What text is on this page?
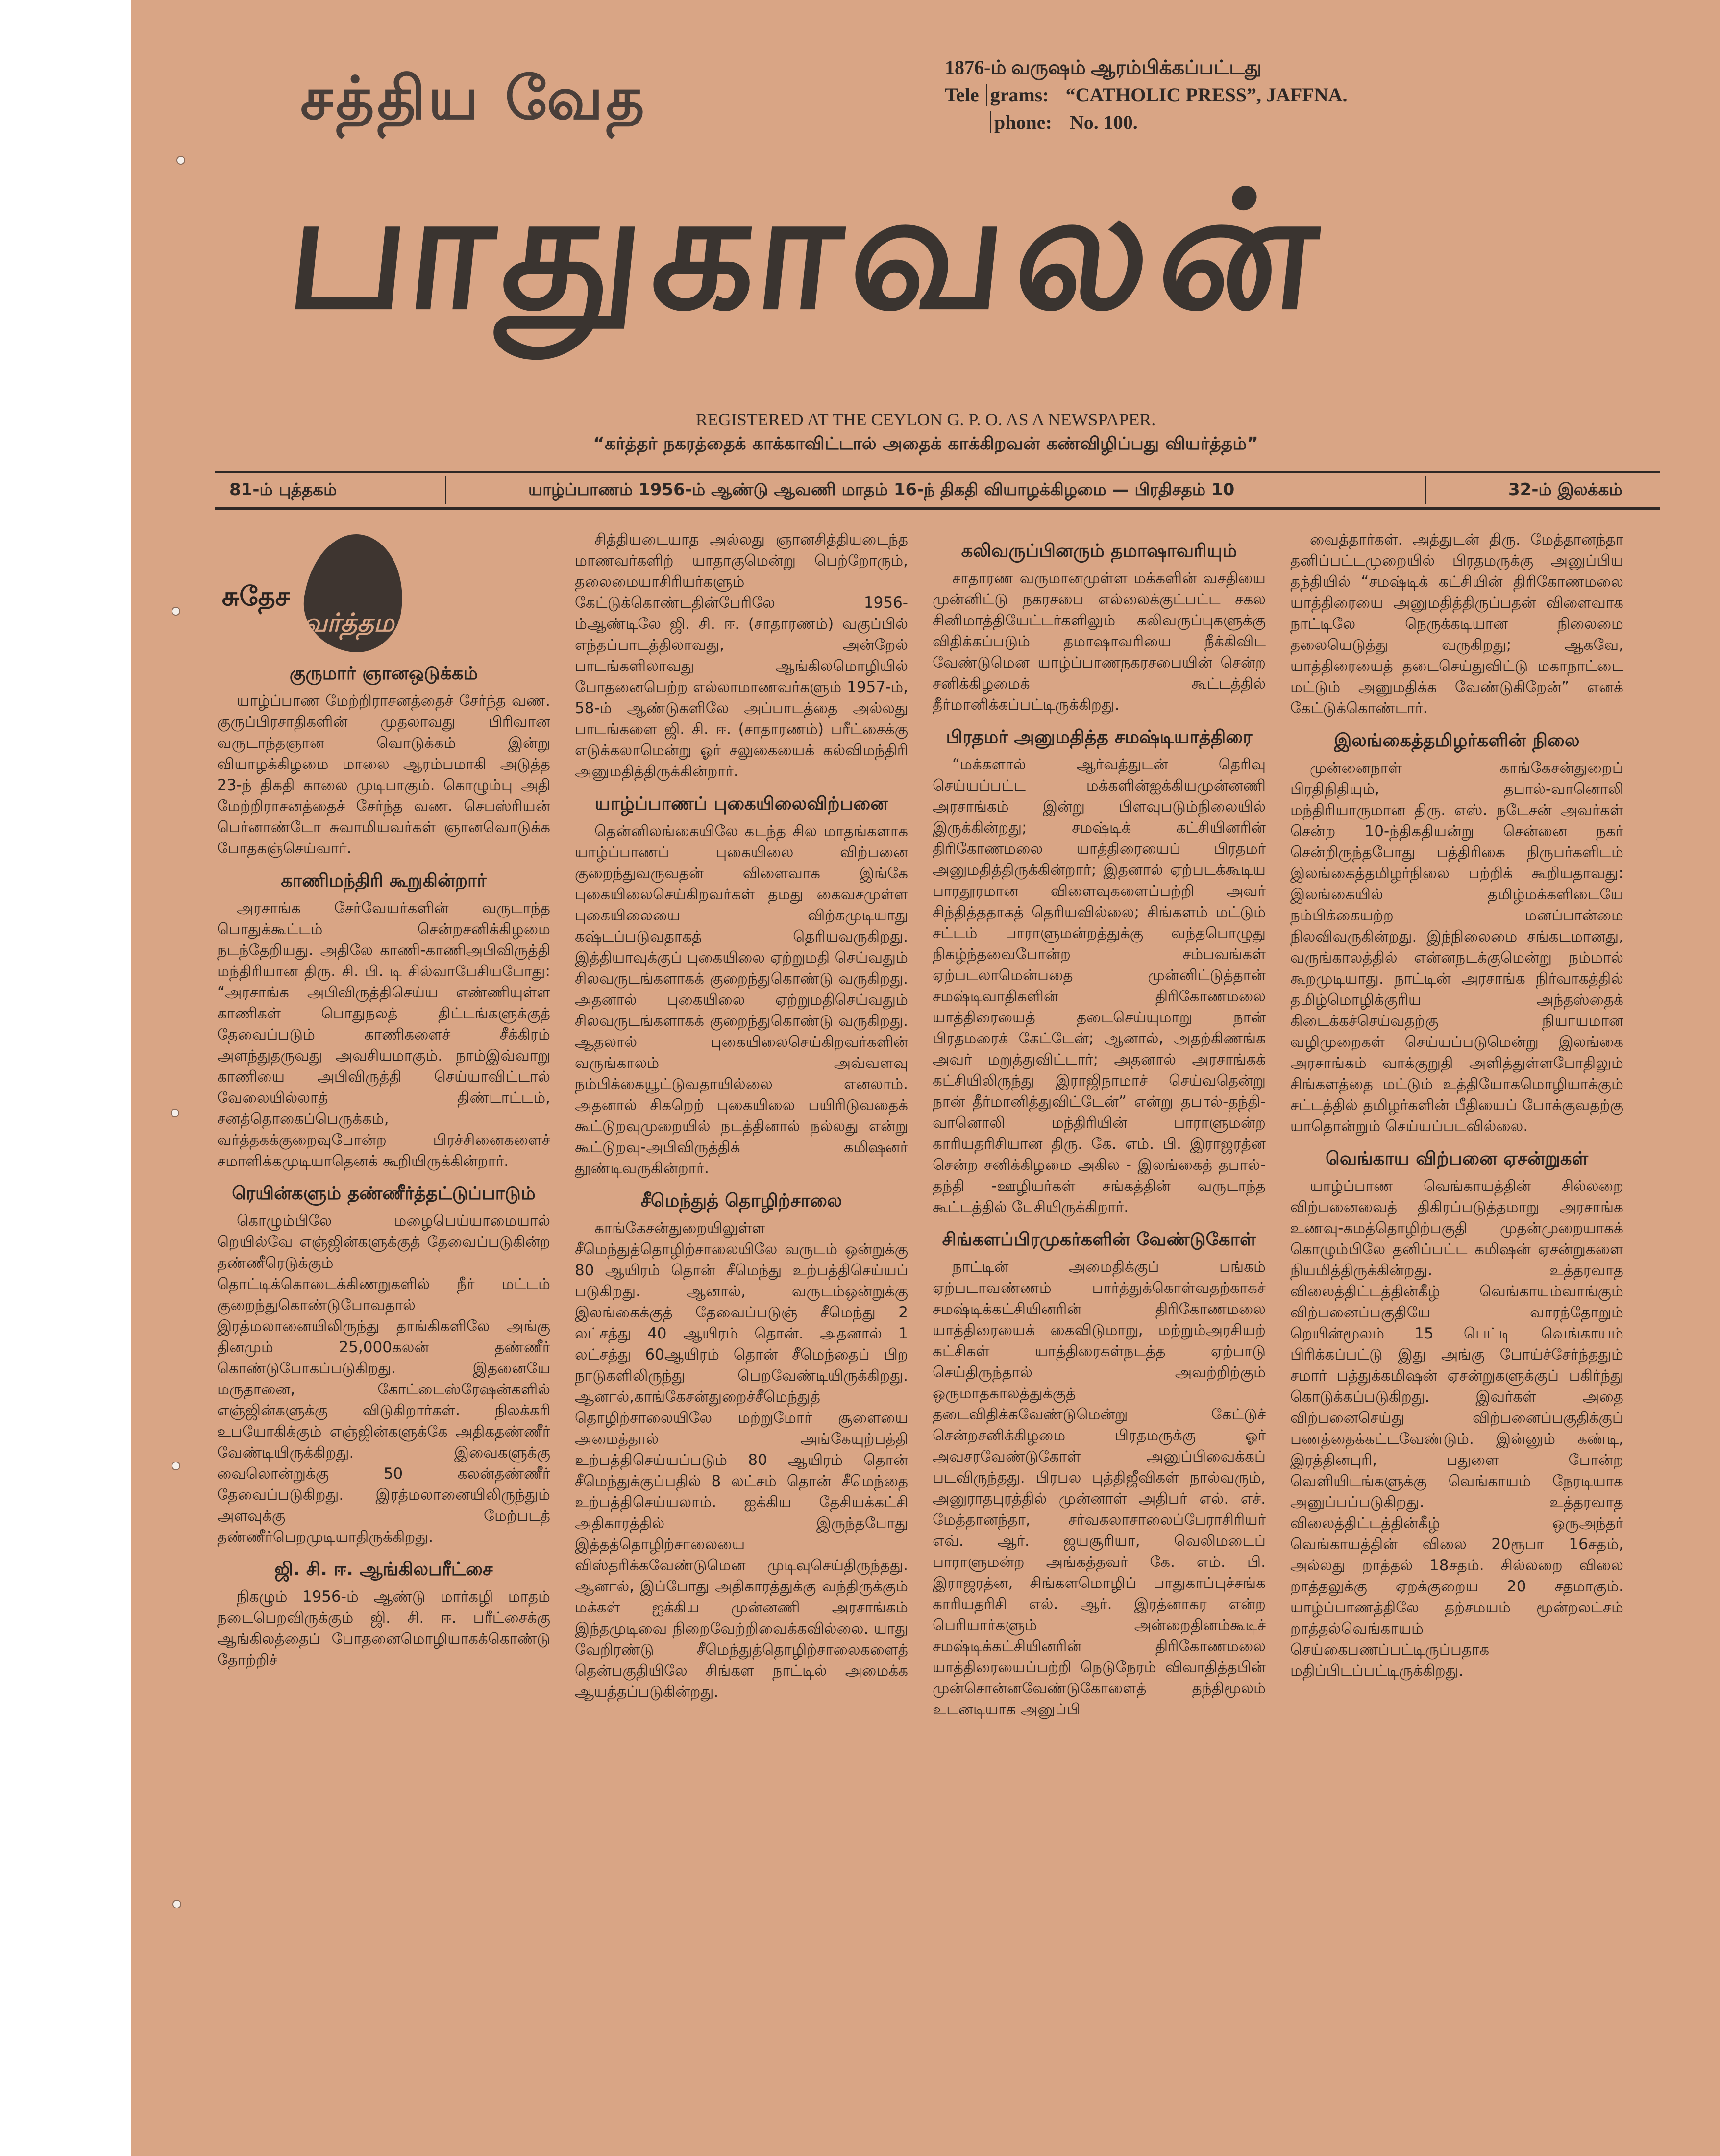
சத்திய வேத
பாதுகாவலன்
1876-ம் வருஷம் ஆரம்பிக்கப்பட்டது
Tele grams: “CATHOLIC PRESS”, JAFFNA.
phone: No. 100.
REGISTERED AT THE CEYLON G. P. O. AS A NEWSPAPER.
“கர்த்தர் நகரத்தைக் காக்காவிட்டால் அதைக் காக்கிறவன் கண்விழிப்பது வியர்த்தம்”
81-ம் புத்தகம்	யாழ்ப்பாணம் 1956-ம் ஆண்டு ஆவணி மாதம் 16-ந் திகதி வியாழக்கிழமை — பிரதிசதம் 10	32-ம் இலக்கம்
சுதேச
வர்த்தமானம்
குருமார் ஞானஒடுக்கம்

யாழ்ப்பாண மேற்றிராசனத்தைச் சேர்ந்த வண. குருப்பிரசாதிகளின் முதலாவது பிரிவான வருடாந்தஞான வொடுக்கம் இன்று வியாழக்கிழமை மாலை ஆரம்பமாகி அடுத்த 23-ந் திகதி காலை முடிபாகும். கொழும்பு அதி மேற்றிராசனத்தைச் சேர்ந்த வண. செபஸ்ரியன் பெர்னாண்டோ சுவாமியவர்கள் ஞானவொடுக்க போதகஞ்செய்வார்.

காணிமந்திரி கூறுகின்றார்

அரசாங்க சேர்வேயர்களின் வருடாந்த பொதுக்கூட்டம் சென்றசனிக்கிழமை நடந்தேறியது. அதிலே காணி-காணிஅபிவிருத்தி மந்திரியான திரு. சி. பி. டி சில்வாபேசியபோது: “அரசாங்க அபிவிருத்திசெய்ய எண்ணியுள்ள காணிகள் பொதுநலத் திட்டங்களுக்குத் தேவைப்படும் காணிகளைச் சீக்கிரம் அளந்துதருவது அவசியமாகும். நாம்இவ்வாறு காணியை அபிவிருத்தி செய்யாவிட்டால் வேலையில்லாத் திண்டாட்டம், சனத்தொகைப்பெருக்கம், வர்த்தகக்குறைவுபோன்ற பிரச்சினைகளைச் சமாளிக்கமுடியாதெனக் கூறியிருக்கின்றார்.

ரெயின்களும் தண்ணீர்த்தட்டுப்பாடும்

கொழும்பிலே மழைபெய்யாமையால் றெயில்வே எஞ்ஜின்களுக்குத் தேவைப்படுகின்ற தண்ணீரெடுக்கும் தொட்டிக்கொடைக்கிணறுகளில் நீர் மட்டம் குறைந்துகொண்டுபோவதால் இரத்மலானையிலிருந்து தாங்கிகளிலே அங்கு தினமும் 25,000கலன் தண்ணீர் கொண்டுபோகப்படுகிறது. இதனையே மருதானை, கோட்டைஸ்ரேஷன்களில் எஞ்ஜின்களுக்கு விடுகிறார்கள். நிலக்கரி உபயோகிக்கும் எஞ்ஜின்களுக்கே அதிகதண்ணீர் வேண்டியிருக்கிறது. இவைகளுக்கு வைலொன்றுக்கு 50 கலன்தண்ணீர் தேவைப்படுகிறது. இரத்மலானையிலிருந்தும் அளவுக்கு மேற்படத் தண்ணீர்பெறமுடியாதிருக்கிறது.

ஜி. சி. ஈ. ஆங்கிலபரீட்சை

நிகழும் 1956-ம் ஆண்டு மார்கழி மாதம் நடைபெறவிருக்கும் ஜி. சி. ஈ. பரீட்சைக்கு ஆங்கிலத்தைப் போதனைமொழியாகக்கொண்டு தோற்றிச்

சித்தியடையாத அல்லது ஞானசித்தியடைந்த மாணவர்களிற் யாதாகுமென்று பெற்றோரும், தலைமையாசிரியர்களும் கேட்டுக்கொண்டதின்பேரிலே 1956-ம்ஆண்டிலே ஜி. சி. ஈ. (சாதாரணம்) வகுப்பில் எந்தப்பாடத்திலாவது, அன்றேல் பாடங்களிலாவது ஆங்கிலமொழியில் போதனைபெற்ற எல்லாமாணவர்களும் 1957-ம், 58-ம் ஆண்டுகளிலே அப்பாடத்தை அல்லது பாடங்களை ஜி. சி. ஈ. (சாதாரணம்) பரீட்சைக்கு எடுக்கலாமென்று ஓர் சலுகையைக் கல்விமந்திரி அனுமதித்திருக்கின்றார்.

யாழ்ப்பாணப் புகையிலைவிற்பனை

தென்னிலங்கையிலே கடந்த சில மாதங்களாக யாழ்ப்பாணப் புகையிலை விற்பனை குறைந்துவருவதன் விளைவாக இங்கே புகையிலைசெய்கிறவர்கள் தமது கைவசமுள்ள புகையிலையை விற்கமுடியாது கஷ்டப்படுவதாகத் தெரியவருகிறது. இத்தியாவுக்குப் புகையிலை ஏற்றுமதி செய்வதும் சிலவருடங்களாகக் குறைந்துகொண்டு வருகிறது. அதனால் புகையிலை ஏற்றுமதிசெய்வதும் சிலவருடங்களாகக் குறைந்துகொண்டு வருகிறது. ஆதலால் புகையிலைசெய்கிறவர்களின் வருங்காலம் அவ்வளவு நம்பிக்கையூட்டுவதாயில்லை எனலாம். அதனால் சிகறெற் புகையிலை பயிரிடுவதைக் கூட்டுறவுமுறையில் நடத்தினால் நல்லது என்று கூட்டுறவு-அபிவிருத்திக் கமிஷனர் தூண்டிவருகின்றார்.

சீமெந்துத் தொழிற்சாலை

காங்கேசன்துறையிலுள்ள சீமெந்துத்தொழிற்சாலையிலே வருடம் ஒன்றுக்கு 80 ஆயிரம் தொன் சீமெந்து உற்பத்திசெய்யப் படுகிறது. ஆனால், வருடம்ஒன்றுக்கு இலங்கைக்குத் தேவைப்படுஞ் சீமெந்து 2 லட்சத்து 40 ஆயிரம் தொன். அதனால் 1 லட்சத்து 60ஆயிரம் தொன் சீமெந்தைப் பிற நாடுகளிலிருந்து பெறவேண்டியிருக்கிறது. ஆனால்,காங்கேசன்துறைச்சீமெந்துத் தொழிற்சாலையிலே மற்றுமோர் சூளையை அமைத்தால் அங்கேயுற்பத்தி உற்பத்திசெய்யப்படும் 80 ஆயிரம் தொன் சீமெந்துக்குப்பதில் 8 லட்சம் தொன் சீமெந்தை உற்பத்திசெய்யலாம். ஐக்கிய தேசியக்கட்சி அதிகாரத்தில் இருந்தபோது இத்தத்தொழிற்சாலையை விஸ்தரிக்கவேண்டுமென முடிவுசெய்திருந்தது. ஆனால், இப்போது அதிகாரத்துக்கு வந்திருக்கும் மக்கள் ஐக்கிய முன்னணி அரசாங்கம் இந்தமுடிவை நிறைவேற்றிவைக்கவில்லை. யாது வேறிரண்டு சீமெந்துத்தொழிற்சாலைகளைத் தென்பகுதியிலே சிங்கள நாட்டில் அமைக்க ஆயத்தப்படுகின்றது.

கலிவருப்பினரும் தமாஷாவரியும்

சாதாரண வருமானமுள்ள மக்களின் வசதியை முன்னிட்டு நகரசபை எல்லைக்குட்பட்ட சகல சினிமாத்தியேட்டர்களிலும் கலிவருப்புகளுக்கு விதிக்கப்படும் தமாஷாவரியை நீக்கிவிட வேண்டுமென யாழ்ப்பாணநகரசபையின் சென்ற சனிக்கிழமைக் கூட்டத்தில் தீர்மானிக்கப்பட்டிருக்கிறது.

பிரதமர் அனுமதித்த சமஷ்டியாத்திரை

“மக்களால் ஆர்வத்துடன் தெரிவு செய்யப்பட்ட மக்களின்ஐக்கியமுன்னணி அரசாங்கம் இன்று பிளவுபடும்நிலையில் இருக்கின்றது; சமஷ்டிக் கட்சியினரின் திரிகோணமலை யாத்திரையைப் பிரதமர் அனுமதித்திருக்கின்றார்; இதனால் ஏற்படக்கூடிய பாரதூரமான விளைவுகளைப்பற்றி அவர் சிந்தித்ததாகத் தெரியவில்லை; சிங்களம் மட்டும் சட்டம் பாராளுமன்றத்துக்கு வந்தபொழுது நிகழ்ந்தவைபோன்ற சம்பவங்கள் ஏற்படலாமென்பதை முன்னிட்டுத்தான் சமஷ்டிவாதிகளின் திரிகோணமலை யாத்திரையைத் தடைசெய்யுமாறு நான் பிரதமரைக் கேட்டேன்; ஆனால், அதற்கிணங்க அவர் மறுத்துவிட்டார்; அதனால் அரசாங்கக் கட்சியிலிருந்து இராஜிநாமாச் செய்வதென்று நான் தீர்மானித்துவிட்டேன்” என்று தபால்-தந்தி-வானொலி மந்திரியின் பாராளுமன்ற காரியதரிசியான திரு. கே. எம். பி. இராஜரத்ன சென்ற சனிக்கிழமை அகில - இலங்கைத் தபால்- தந்தி -ஊழியர்கள் சங்கத்தின் வருடாந்த கூட்டத்தில் பேசியிருக்கிறார்.

சிங்களப்பிரமுகர்களின் வேண்டுகோள்

நாட்டின் அமைதிக்குப் பங்கம் ஏற்படாவண்ணம் பார்த்துக்கொள்வதற்காகச் சமஷ்டிக்கட்சியினரின் திரிகோணமலை யாத்திரையைக் கைவிடுமாறு, மற்றும்அரசியற் கட்சிகள் யாத்திரைகள்நடத்த ஏற்பாடு செய்திருந்தால் அவற்றிற்கும் ஒருமாதகாலத்துக்குத் தடைவிதிக்கவேண்டுமென்று கேட்டுச் சென்றசனிக்கிழமை பிரதமருக்கு ஓர் அவசரவேண்டுகோள் அனுப்பிவைக்கப் படவிருந்தது. பிரபல புத்திஜீவிகள் நால்வரும், அனுராதபுரத்தில் முன்னாள் அதிபர் எல். எச். மேத்தானந்தா, சர்வகலாசாலைப்பேராசிரியர் எவ். ஆர். ஜயசூரியா, வெலிமடைப் பாராளுமன்ற அங்கத்தவர் கே. எம். பி. இராஜரத்ன, சிங்களமொழிப் பாதுகாப்புச்சங்க காரியதரிசி எல். ஆர். இரத்னாகர என்ற பெரியார்களும் அன்றைதினம்கூடிச் சமஷ்டிக்கட்சியினரின் திரிகோணமலை யாத்திரையைப்பற்றி நெடுநேரம் விவாதித்தபின் முன்சொன்னவேண்டுகோளைத் தந்திமூலம் உடனடியாக அனுப்பி

வைத்தார்கள். அத்துடன் திரு. மேத்தானந்தா தனிப்பட்டமுறையில் பிரதமருக்கு அனுப்பிய தந்தியில் “சமஷ்டிக் கட்சியின் திரிகோணமலை யாத்திரையை அனுமதித்திருப்பதன் விளைவாக நாட்டிலே நெருக்கடியான நிலைமை தலையெடுத்து வருகிறது; ஆகவே, யாத்திரையைத் தடைசெய்துவிட்டு மகாநாட்டை மட்டும் அனுமதிக்க வேண்டுகிறேன்” எனக் கேட்டுக்கொண்டார்.

இலங்கைத்தமிழர்களின் நிலை

முன்னைநாள் காங்கேசன்துறைப் பிரதிநிதியும், தபால்-வானொலி மந்திரியாருமான திரு. எஸ். நடேசன் அவர்கள் சென்ற 10-ந்திகதியன்று சென்னை நகர் சென்றிருந்தபோது பத்திரிகை நிருபர்களிடம் இலங்கைத்தமிழர்நிலை பற்றிக் கூறியதாவது: இலங்கையில் தமிழ்மக்களிடையே நம்பிக்கையற்ற மனப்பான்மை நிலவிவருகின்றது. இந்நிலைமை சங்கடமானது, வருங்காலத்தில் என்னநடக்குமென்று நம்மால் கூறமுடியாது. நாட்டின் அரசாங்க நிர்வாகத்தில் தமிழ்மொழிக்குரிய அந்தஸ்தைக் கிடைக்கச்செய்வதற்கு நியாயமான வழிமுறைகள் செய்யப்படுமென்று இலங்கை அரசாங்கம் வாக்குறுதி அளித்துள்ளபோதிலும் சிங்களத்தை மட்டும் உத்தியோகமொழியாக்கும் சட்டத்தில் தமிழர்களின் பீதியைப் போக்குவதற்கு யாதொன்றும் செய்யப்படவில்லை.

வெங்காய விற்பனை ஏசன்றுகள்

யாழ்ப்பாண வெங்காயத்தின் சில்லறை விற்பனைவைத் திகிரப்படுத்தமாறு அரசாங்க உணவு-கமத்தொழிற்பகுதி முதன்முறையாகக் கொழும்பிலே தனிப்பட்ட கமிஷன் ஏசன்றுகளை நியமித்திருக்கின்றது. உத்தரவாத விலைத்திட்டத்தின்கீழ் வெங்காயம்வாங்கும் விற்பனைப்பகுதியே வாரந்தோறும் றெயின்மூலம் 15 பெட்டி வெங்காயம் பிரிக்கப்பட்டு இது அங்கு போய்ச்சேர்ந்ததும் சமார் பத்துக்கமிஷன் ஏசன்றுகளுக்குப் பகிர்ந்து கொடுக்கப்படுகிறது. இவர்கள் அதை விற்பனைசெய்து விற்பனைப்பகுதிக்குப் பணத்தைக்கட்டவேண்டும். இன்னும் கண்டி, இரத்தினபுரி, பதுளை போன்ற வெளியிடங்களுக்கு வெங்காயம் நேரடியாக அனுப்பப்படுகிறது. உத்தரவாத விலைத்திட்டத்தின்கீழ் ஒருஅந்தர் வெங்காயத்தின் விலை 20ரூபா 16சதம், அல்லது றாத்தல் 18சதம். சில்லறை விலை றாத்தலுக்கு ஏறக்குறைய 20 சதமாகும். யாழ்ப்பாணத்திலே தற்சமயம் மூன்றலட்சம் றாத்தல்வெங்காயம் செய்கைபணப்பட்டிருப்பதாக மதிப்பிடப்பட்டிருக்கிறது.
